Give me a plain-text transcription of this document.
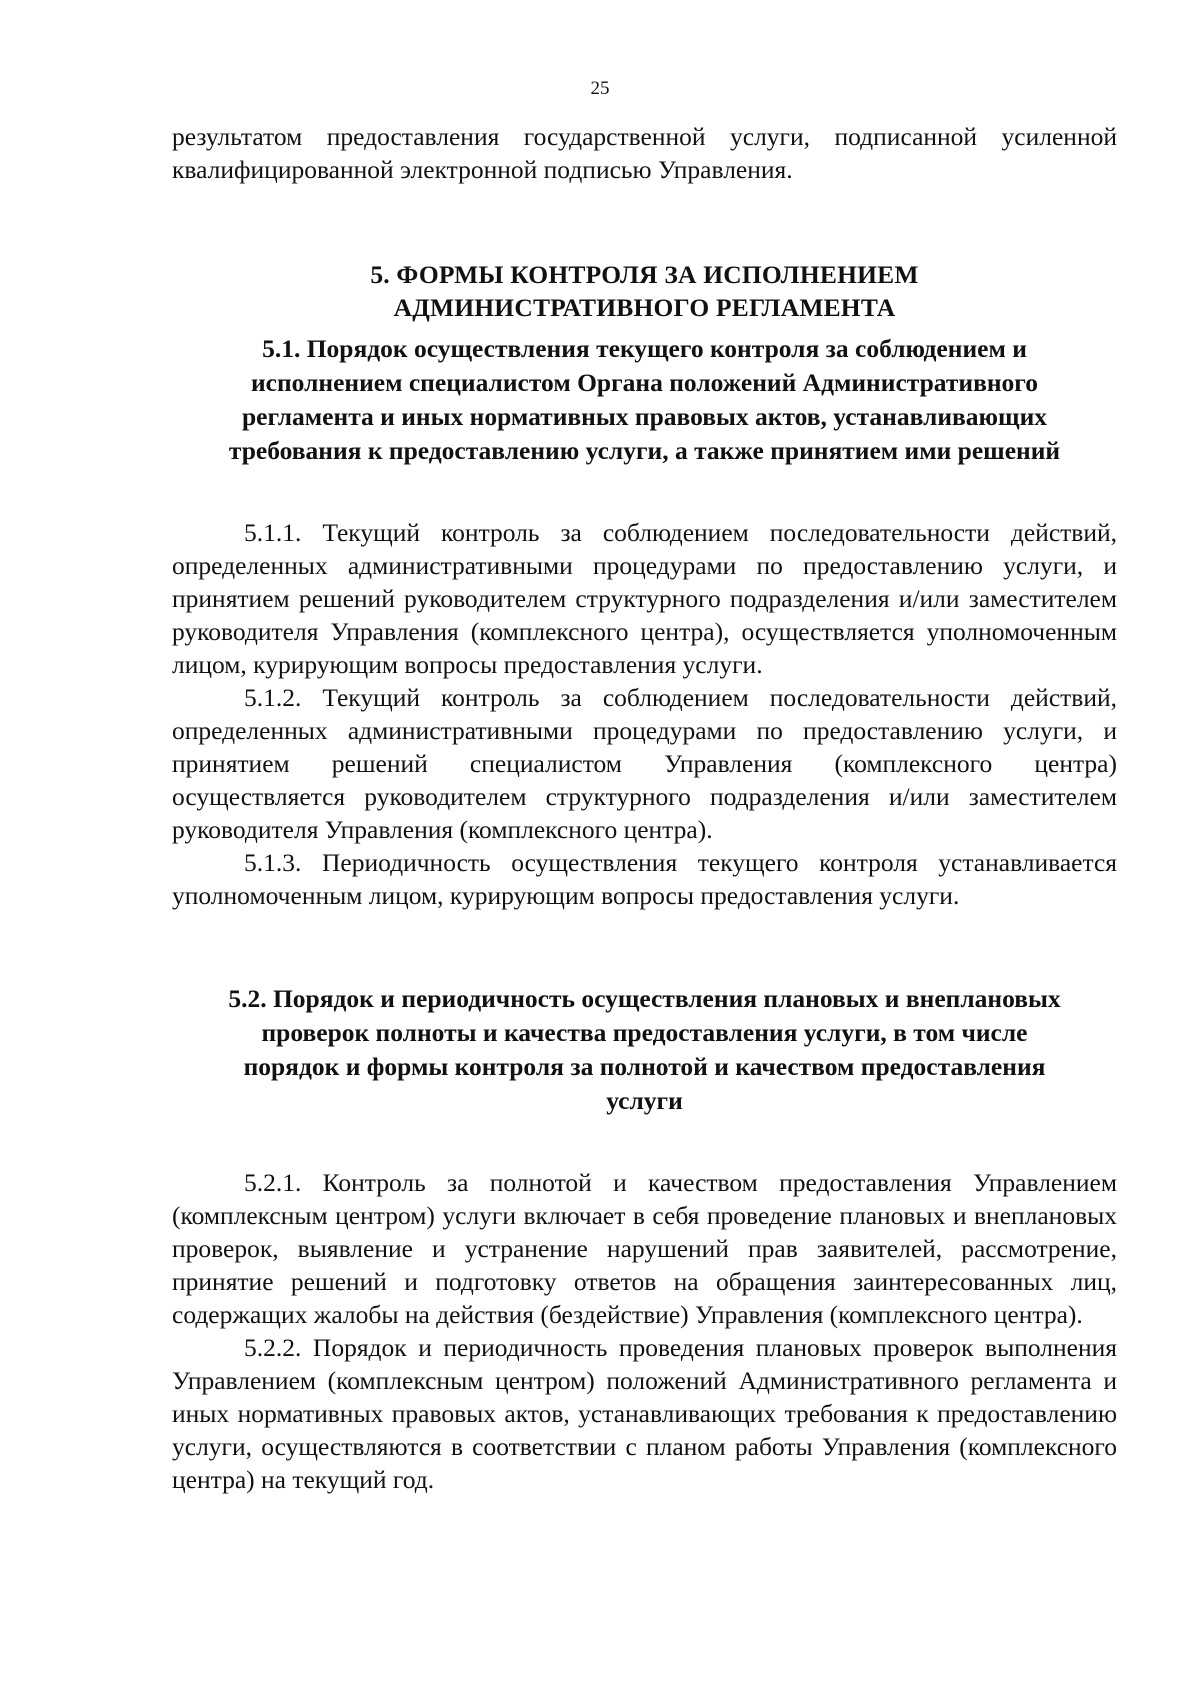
25

результатом предоставления государственной услуги, подписанной усиленной квалифицированной электронной подписью Управления.

5. ФОРМЫ КОНТРОЛЯ ЗА ИСПОЛНЕНИЕМ

АДМИНИСТРАТИВНОГО РЕГЛАМЕНТА

5.1. Порядок осуществления текущего контроля за соблюдением и

исполнением специалистом Органа положений Административного

регламента и иных нормативных правовых актов, устанавливающих

требования к предоставлению услуги, а также принятием ими решений

5.1.1. Текущий контроль за соблюдением последовательности действий, определенных административными процедурами по предоставлению услуги, и принятием решений руководителем структурного подразделения и/или заместителем руководителя Управления (комплексного центра), осуществляется уполномоченным лицом, курирующим вопросы предоставления услуги.

5.1.2. Текущий контроль за соблюдением последовательности действий, определенных административными процедурами по предоставлению услуги, и принятием решений специалистом Управления (комплексного центра) осуществляется руководителем структурного подразделения и/или заместителем руководителя Управления (комплексного центра).

5.1.3. Периодичность осуществления текущего контроля устанавливается уполномоченным лицом, курирующим вопросы предоставления услуги.

5.2. Порядок и периодичность осуществления плановых и внеплановых

проверок полноты и качества предоставления услуги, в том числе

порядок и формы контроля за полнотой и качеством предоставления

услуги

5.2.1. Контроль за полнотой и качеством предоставления Управлением (комплексным центром) услуги включает в себя проведение плановых и внеплановых проверок, выявление и устранение нарушений прав заявителей, рассмотрение, принятие решений и подготовку ответов на обращения заинтересованных лиц, содержащих жалобы на действия (бездействие) Управления (комплексного центра).

5.2.2. Порядок и периодичность проведения плановых проверок выполнения Управлением (комплексным центром) положений Административного регламента и иных нормативных правовых актов, устанавливающих требования к предоставлению услуги, осуществляются в соответствии с планом работы Управления (комплексного центра) на текущий год.
